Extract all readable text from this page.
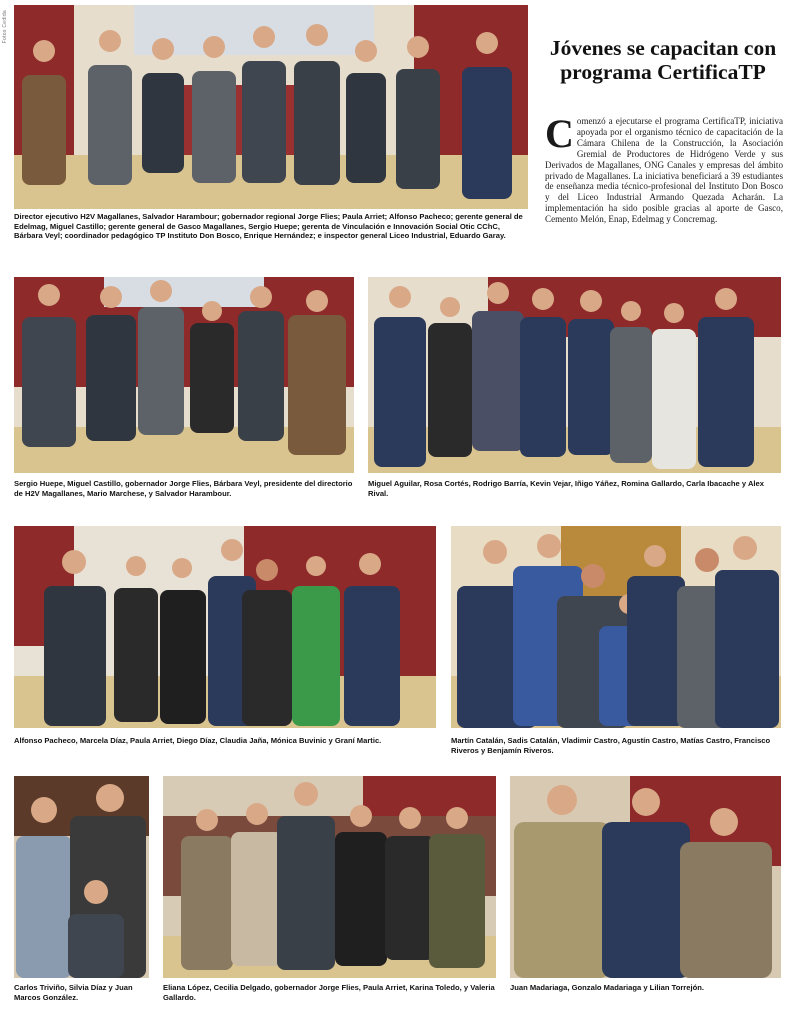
Fotos Cedida
Director ejecutivo H2V Magallanes, Salvador Harambour; gobernador regional Jorge Flies; Paula Arriet; Alfonso Pacheco; gerente general de Edelmag, Miguel Castillo; gerente general de Gasco Magallanes, Sergio Huepe; gerenta de Vinculación e Innovación Social Otic CChC, Bárbara Veyl; coordinador pedagógico TP Instituto Don Bosco, Enrique Hernández; e inspector general Liceo Industrial, Eduardo Garay.
Jóvenes se capacitan con programa CertificaTP
Comenzó a ejecutarse el programa CertificaTP, iniciativa apoyada por el organismo técnico de capacitación de la Cámara Chilena de la Construcción, la Asociación Gremial de Productores de Hidrógeno Verde y sus Derivados de Magallanes, ONG Canales y empresas del ámbito privado de Magallanes. La iniciativa beneficiará a 39 estudiantes de enseñanza media técnico-profesional del Instituto Don Bosco y del Liceo Industrial Armando Quezada Acharán. La implementación ha sido posible gracias al aporte de Gasco, Cemento Melón, Enap, Edelmag y Concremag.
Sergio Huepe, Miguel Castillo, gobernador Jorge Flies, Bárbara Veyl, presidente del directorio de H2V Magallanes, Mario Marchese, y Salvador Harambour.
Miguel Aguilar, Rosa Cortés, Rodrigo Barría, Kevin Vejar, Iñigo Yáñez, Romina Gallardo, Carla Ibacache y Alex Rival.
Alfonso Pacheco, Marcela Díaz, Paula Arriet, Diego Díaz, Claudia Jaña, Mónica Buvinic y Graní Martic.	Martín Catalán, Sadis Catalán, Vladimir Castro, Agustín Castro, Matías Castro, Francisco Riveros y Benjamín Riveros.
Carlos Triviño, Silvia Díaz y Juan Marcos González.
Eliana López, Cecilia Delgado, gobernador Jorge Flies, Paula Arriet, Karina Toledo, y Valeria Gallardo.
Juan Madariaga, Gonzalo Madariaga y Lilian Torrejón.
